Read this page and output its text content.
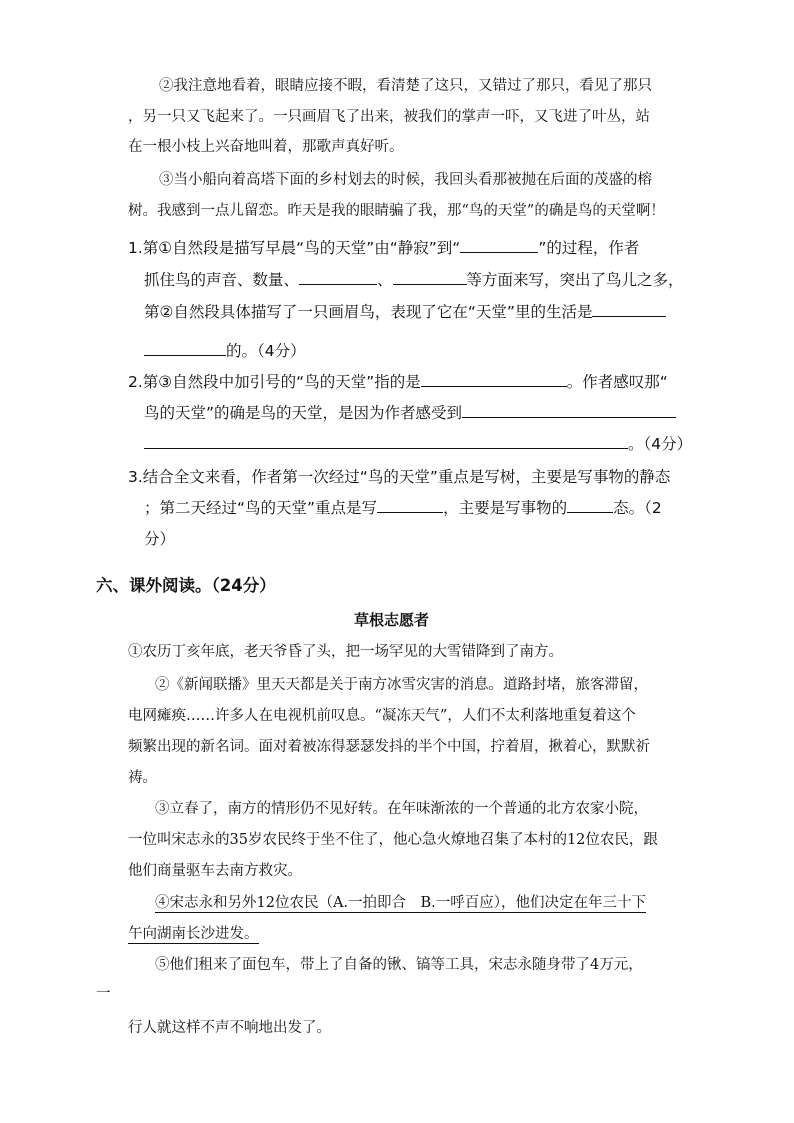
②我注意地看着，眼睛应接不暇，看清楚了这只，又错过了那只，看见了那只
，另一只又飞起来了。一只画眉飞了出来，被我们的掌声一吓，又飞进了叶丛，站
在一根小枝上兴奋地叫着，那歌声真好听。
③当小船向着高塔下面的乡村划去的时候，我回头看那被抛在后面的茂盛的榕
树。我感到一点儿留恋。昨天是我的眼睛骗了我，那“鸟的天堂”的确是鸟的天堂啊！
1.第①自然段是描写早晨“鸟的天堂”由“静寂”到“	”的过程，作者
抓住鸟的声音、数量、	、	等方面来写，突出了鸟儿之多，
第②自然段具体描写了一只画眉鸟，表现了它在“天堂”里的生活是
的。（4分）
2.第③自然段中加引号的“鸟的天堂”指的是	。作者感叹那“
鸟的天堂”的确是鸟的天堂，是因为作者感受到
。（4分）
3.结合全文来看，作者第一次经过“鸟的天堂”重点是写树，主要是写事物的静态
；第二天经过“鸟的天堂”重点是写	，主要是写事物的	态。（2
分）
六、课外阅读。（24分）
草根志愿者
①农历丁亥年底，老天爷昏了头，把一场罕见的大雪错降到了南方。
②《新闻联播》里天天都是关于南方冰雪灾害的消息。道路封堵，旅客滞留，
电网瘫痪……许多人在电视机前叹息。“凝冻天气”，人们不太利落地重复着这个
频繁出现的新名词。面对着被冻得瑟瑟发抖的半个中国，拧着眉，揪着心，默默祈
祷。
③立春了，南方的情形仍不见好转。在年味渐浓的一个普通的北方农家小院，
一位叫宋志永的35岁农民终于坐不住了，他心急火燎地召集了本村的12位农民，跟
他们商量驱车去南方救灾。
④宋志永和另外12位农民（A.一拍即合　B.一呼百应），他们决定在年三十下
午向湖南长沙进发。
⑤他们租来了面包车，带上了自备的锹、镐等工具，宋志永随身带了4万元，
一
行人就这样不声不响地出发了。
